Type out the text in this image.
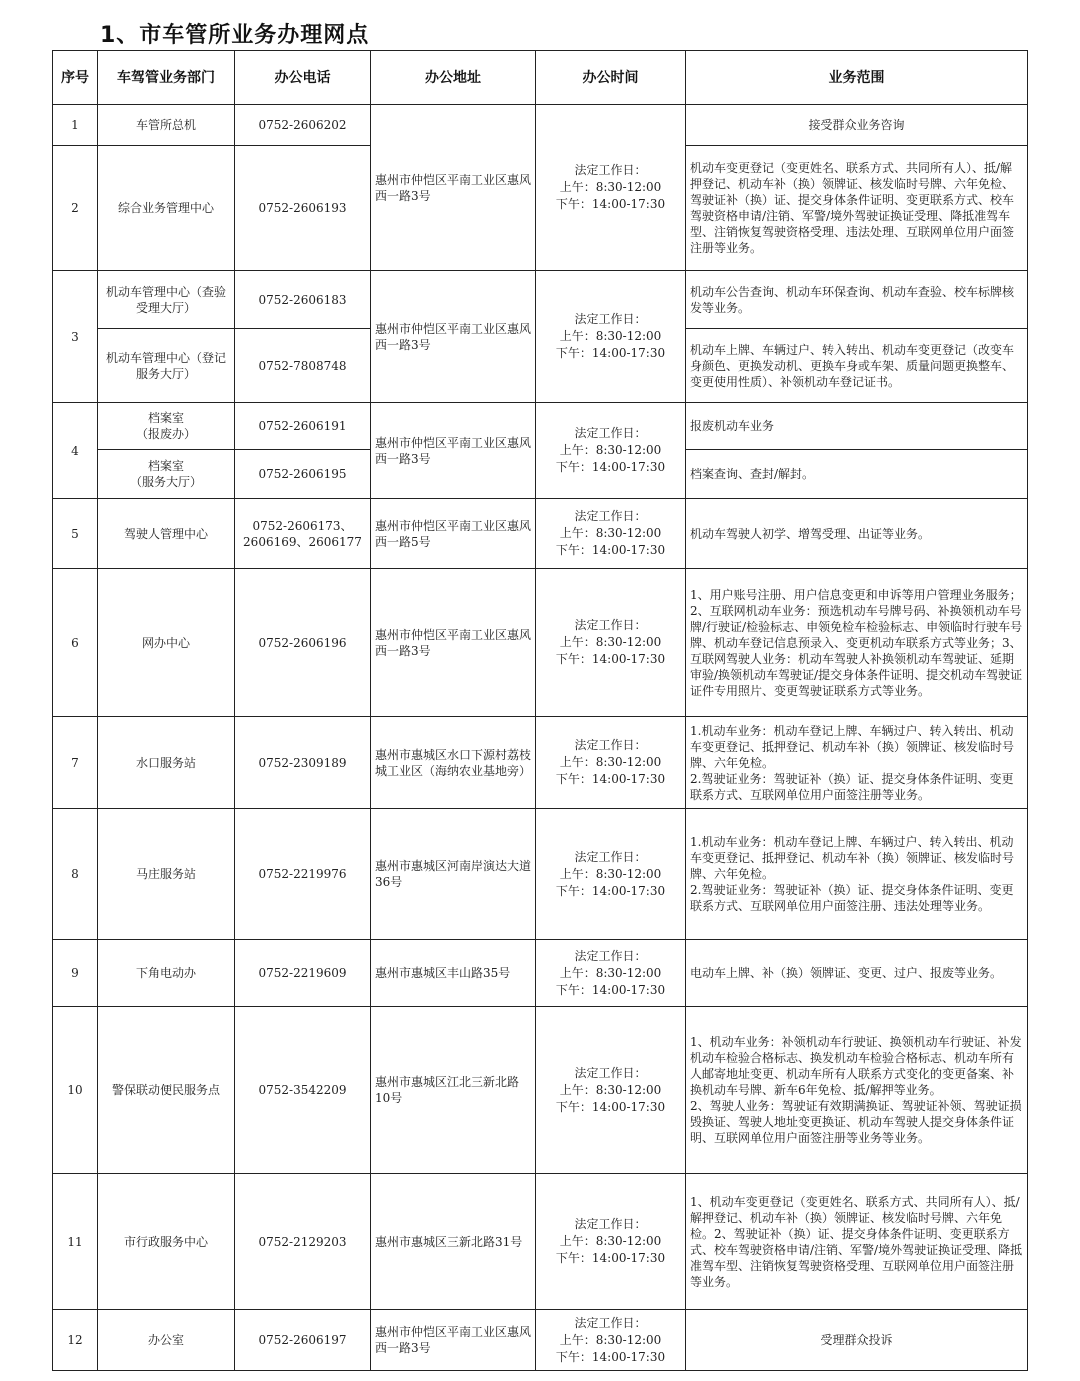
1、市车管所业务办理网点
序号	车驾管业务部门	办公电话	办公地址	办公时间	业务范围
1	车管所总机	0752-2606202	惠州市仲恺区平南工业区惠风西一路3号	法定工作日：
上午：8:30-12:00
下午：14:00-17:30	接受群众业务咨询
2	综合业务管理中心	0752-2606193			机动车变更登记（变更姓名、联系方式、共同所有人）、抵/解押登记、机动车补（换）领牌证、核发临时号牌、六年免检、驾驶证补（换）证、提交身体条件证明、变更联系方式、校车驾驶资格申请/注销、军警/境外驾驶证换证受理、降抵准驾车型、注销恢复驾驶资格受理、违法处理、互联网单位用户面签注册等业务。
3	机动车管理中心（查验受理大厅）	0752-2606183	惠州市仲恺区平南工业区惠风西一路3号	法定工作日：
上午：8:30-12:00
下午：14:00-17:30	机动车公告查询、机动车环保查询、机动车查验、校车标牌核发等业务。
	机动车管理中心（登记服务大厅）	0752-7808748			机动车上牌、车辆过户、转入转出、机动车变更登记（改变车身颜色、更换发动机、更换车身或车架、质量问题更换整车、变更使用性质）、补领机动车登记证书。
4	档案室
（报废办）	0752-2606191	惠州市仲恺区平南工业区惠风西一路3号	法定工作日：
上午：8:30-12:00
下午：14:00-17:30	报废机动车业务
	档案室
（服务大厅）	0752-2606195			档案查询、查封/解封。
5	驾驶人管理中心	0752-2606173、2606169、2606177	惠州市仲恺区平南工业区惠风西一路5号	法定工作日：
上午：8:30-12:00
下午：14:00-17:30	机动车驾驶人初学、增驾受理、出证等业务。
6	网办中心	0752-2606196	惠州市仲恺区平南工业区惠风西一路3号	法定工作日：
上午：8:30-12:00
下午：14:00-17:30	1、用户账号注册、用户信息变更和申诉等用户管理业务服务；2、互联网机动车业务：预选机动车号牌号码、补换领机动车号牌/行驶证/检验标志、申领免检车检验标志、申领临时行驶车号牌、机动车登记信息预录入、变更机动车联系方式等业务；3、互联网驾驶人业务：机动车驾驶人补换领机动车驾驶证、延期审验/换领机动车驾驶证/提交身体条件证明、提交机动车驾驶证证件专用照片、变更驾驶证联系方式等业务。
7	水口服务站	0752-2309189	惠州市惠城区水口下源村荔枝城工业区（海纳农业基地旁）	法定工作日：
上午：8:30-12:00
下午：14:00-17:30	1.机动车业务：机动车登记上牌、车辆过户、转入转出、机动车变更登记、抵押登记、机动车补（换）领牌证、核发临时号牌、六年免检。
2.驾驶证业务：驾驶证补（换）证、提交身体条件证明、变更联系方式、互联网单位用户面签注册等业务。
8	马庄服务站	0752-2219976	惠州市惠城区河南岸演达大道36号	法定工作日：
上午：8:30-12:00
下午：14:00-17:30	1.机动车业务：机动车登记上牌、车辆过户、转入转出、机动车变更登记、抵押登记、机动车补（换）领牌证、核发临时号牌、六年免检。
2.驾驶证业务：驾驶证补（换）证、提交身体条件证明、变更联系方式、互联网单位用户面签注册、违法处理等业务。
9	下角电动办	0752-2219609	惠州市惠城区丰山路35号	法定工作日：
上午：8:30-12:00
下午：14:00-17:30	电动车上牌、补（换）领牌证、变更、过户、报废等业务。
10	警保联动便民服务点	0752-3542209	惠州市惠城区江北三新北路10号	法定工作日：
上午：8:30-12:00
下午：14:00-17:30	1、机动车业务：补领机动车行驶证、换领机动车行驶证、补发机动车检验合格标志、换发机动车检验合格标志、机动车所有人邮寄地址变更、机动车所有人联系方式变化的变更备案、补换机动车号牌、新车6年免检、抵/解押等业务。
2、驾驶人业务：驾驶证有效期满换证、驾驶证补领、驾驶证损毁换证、驾驶人地址变更换证、机动车驾驶人提交身体条件证明、互联网单位用户面签注册等业务等业务。
11	市行政服务中心	0752-2129203	惠州市惠城区三新北路31号	法定工作日：
上午：8:30-12:00
下午：14:00-17:30	1、机动车变更登记（变更姓名、联系方式、共同所有人）、抵/解押登记、机动车补（换）领牌证、核发临时号牌、六年免检。2、驾驶证补（换）证、提交身体条件证明、变更联系方式、校车驾驶资格申请/注销、军警/境外驾驶证换证受理、降抵准驾车型、注销恢复驾驶资格受理、互联网单位用户面签注册等业务。
12	办公室	0752-2606197	惠州市仲恺区平南工业区惠风西一路3号	法定工作日：
上午：8:30-12:00
下午：14:00-17:30	受理群众投诉
